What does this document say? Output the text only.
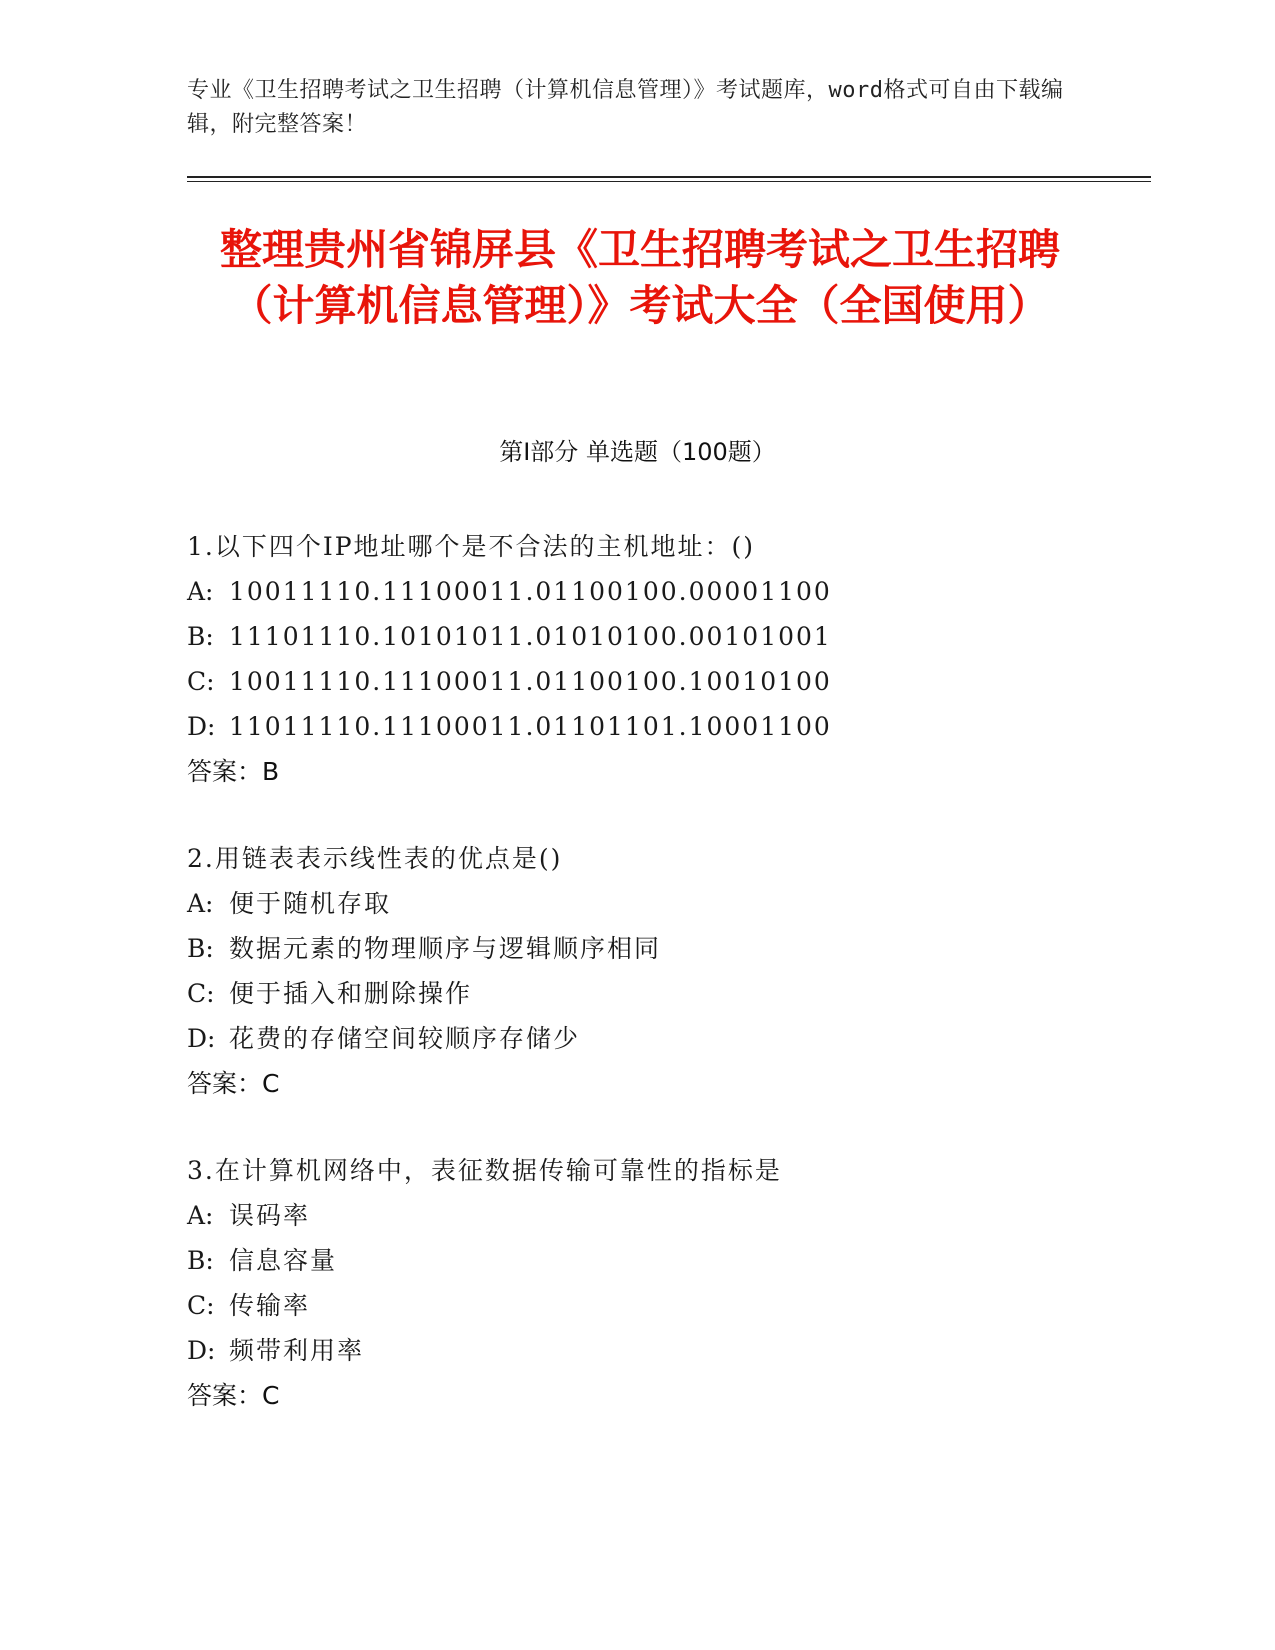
专业《卫生招聘考试之卫生招聘（计算机信息管理）》考试题库，word格式可自由下载编辑，附完整答案！
整理贵州省锦屏县《卫生招聘考试之卫生招聘（计算机信息管理）》考试大全（全国使用）
第Ⅰ部分 单选题（100题）
1.以下四个IP地址哪个是不合法的主机地址：()
A: 10011110.11100011.01100100.00001100
B: 11101110.10101011.01010100.00101001
C: 10011110.11100011.01100100.10010100
D: 11011110.11100011.01101101.10001100
答案：B
2.用链表表示线性表的优点是()
A: 便于随机存取
B: 数据元素的物理顺序与逻辑顺序相同
C: 便于插入和删除操作
D: 花费的存储空间较顺序存储少
答案：C
3.在计算机网络中，表征数据传输可靠性的指标是
A: 误码率
B: 信息容量
C: 传输率
D: 频带利用率
答案：C
